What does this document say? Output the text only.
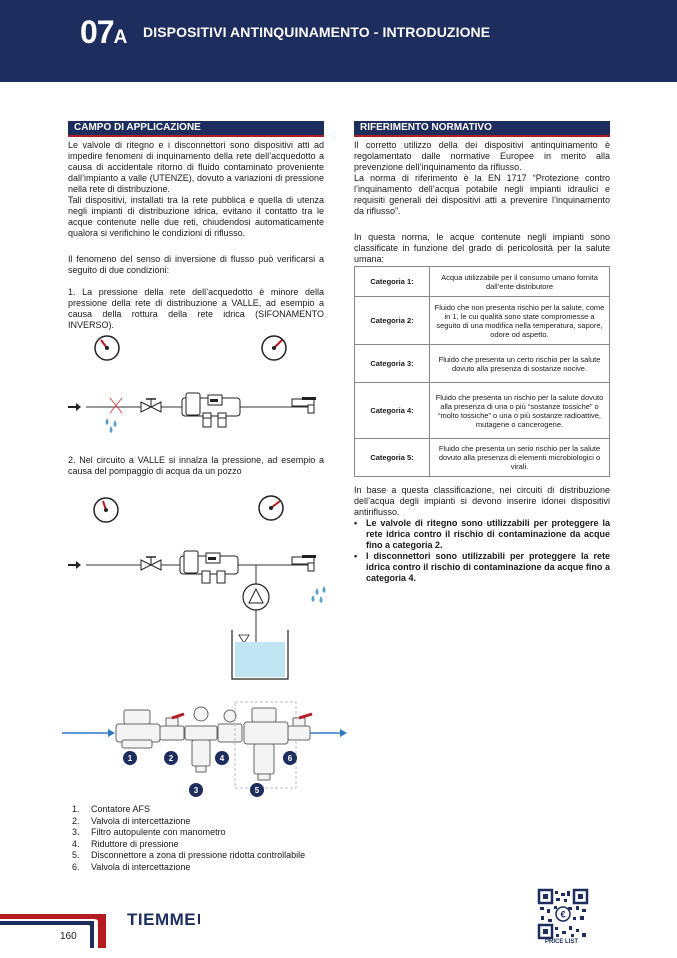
07A DISPOSITIVI ANTINQUINAMENTO - INTRODUZIONE
CAMPO DI APPLICAZIONE

Le valvole di ritegno e i disconnettori sono dispositivi atti ad impedire fenomeni di inquinamento della rete dell’acquedotto a causa di accidentale ritorno di fluido contaminato proveniente dall’impianto a valle (UTENZE), dovuto a variazioni di pressione nella rete di distribuzione.

Tali dispositivi, installati tra la rete pubblica e quella di utenza negli impianti di distribuzione idrica, evitano il contatto tra le acque contenute nelle due reti, chiudendosi automaticamente qualora si verifichino le condizioni di riflusso.

Il fenomeno del senso di inversione di flusso può verificarsi a seguito di due condizioni:

1. La pressione della rete dell’acquedotto è minore della pressione della rete di distribuzione a VALLE, ad esempio a causa della rottura della rete idrica (SIFONAMENTO INVERSO).

2. Nel circuito a VALLE si innalza la pressione, ad esempio a causa del pompaggio di acqua da un pozzo

1	2
3
4
5
6
1.	Contatore AFS
2.	Valvola di intercettazione
3.	Filtro autopulente con manometro
4.	Riduttore di pressione
5.	Disconnettore a zona di pressione ridotta controllabile
6.	Valvola di intercettazione
RIFERIMENTO NORMATIVO

Il corretto utilizzo della dei dispositivi antinquinamento è regolamentato dalle normative Europee in merito alla prevenzione dell’inquinamento da riflusso.

La norma di riferimento è la EN 1717 “Protezione contro l’inquinamento dell’acqua potabile negli impianti idraulici e requisiti generali dei dispositivi atti a prevenire l’inquinamento da riflusso”.

In questa norma, le acque contenute negli impianti sono classificate in funzione del grado di pericolosità per la salute umana:

Categoria 1:	Acqua utilizzabile per il consumo umano fornita dall’ente distributore
Categoria 2:	Fluido che non presenta rischio per la salute, come in 1, le cui qualità sono state compromesse a seguito di una modifica nella temperatura, sapore, odore od aspetto.
Categoria 3:	Fluido che presenta un certo rischio per la salute dovuto alla presenza di sostanze nocive.
Categoria 4:	Fluido che presenta un rischio per la salute dovuto alla presenza di una o più “sostanze tossiche” o “molto tossiche” o una o più sostanze radioattive, mutagene o cancerogene.
Categoria 5:	Fluido che presenta un serio rischio per la salute dovuto alla presenza di elementi microbiologici o virali.

In base a questa classificazione, nei circuiti di distribuzione dell’acqua degli impianti si devono inserire idonei dispositivi antiriflusso.

• Le valvole di ritegno sono utilizzabili per proteggere la rete idrica contro il rischio di contaminazione da acque fino a categoria 2.
• I disconnettori sono utilizzabili per proteggere la rete idrica contro il rischio di contaminazione da acque fino a categoria 4.
TIEMME
160
€
PRICE LIST
